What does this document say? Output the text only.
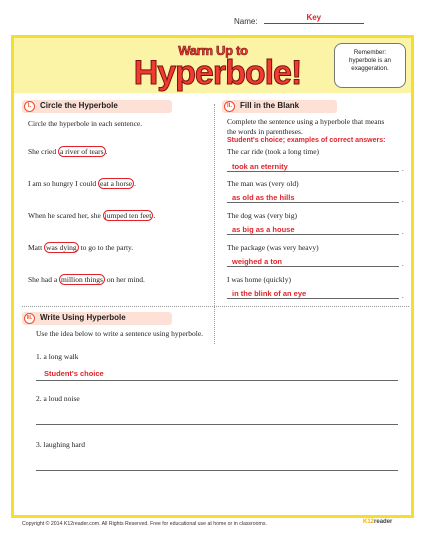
Name:	Key
Warm Up to
Hyperbole!
Remember:
hyperbole is an
exaggeration.
I.	Circle the Hyperbole
Circle the hyperbole in each sentence.
She cried a river of tears .
I am so hungry I could eat a horse .
When he scared her, she jumped ten feet .
Matt was dying to go to the party.
She had a million things on her mind.
II.	Fill in the Blank
Complete the sentence using a hyperbole that means
the words in parentheses.
Student's choice; examples of correct answers:
The car ride (took a long time)
took an eternity	.
The man was (very old)
as old as the hills	.
The dog was (very big)
as big as a house	.
The package (was very heavy)
weighed a ton	.
I was home (quickly)
in the blink of an eye	.
III. Write Using Hyperbole
Use the idea below to write a sentence using hyperbole.
1. a long walk
Student's choice
2. a loud noise
3. laughing hard
Copyright © 2014 K12reader.com. All Rights Reserved. Free for educational use at home or in classrooms.	K12reader
